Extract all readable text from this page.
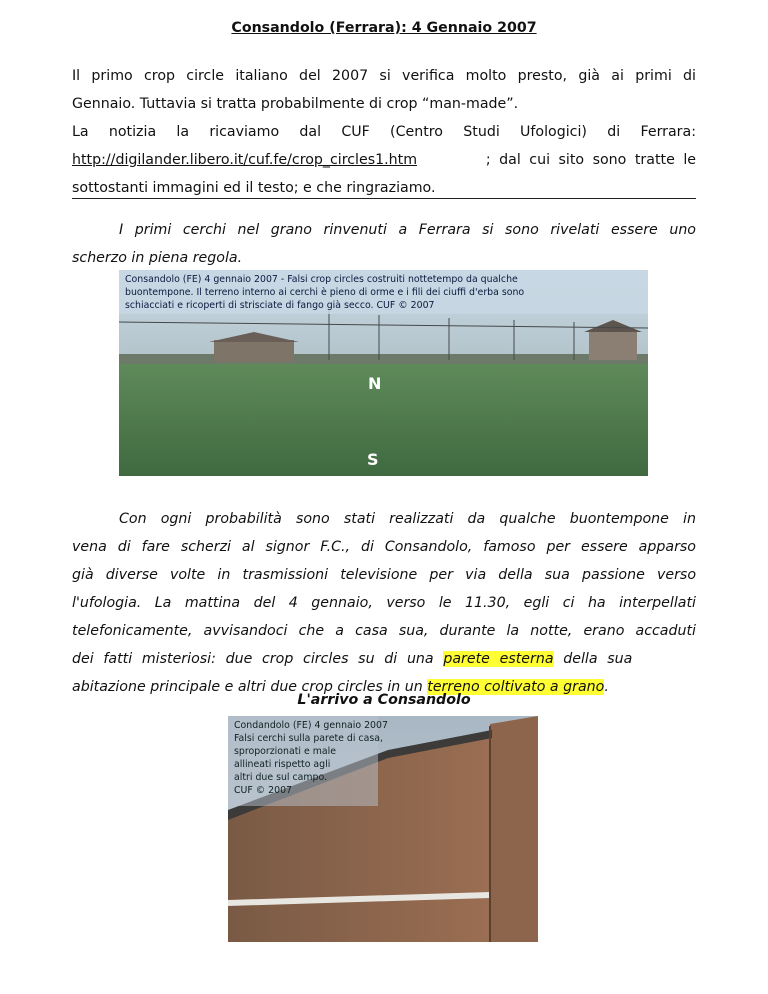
Consandolo (Ferrara): 4 Gennaio 2007
Il primo crop circle italiano del 2007 si verifica molto presto, già ai primi di
Gennaio. Tuttavia si tratta probabilmente di crop “man-made”.
La notizia la ricaviamo dal CUF (Centro Studi Ufologici) di Ferrara:
http://digilander.libero.it/cuf.fe/crop_circles1.htm	; dal cui sito sono tratte le
sottostanti immagini ed il testo; e che ringraziamo.
I primi cerchi nel grano rinvenuti a Ferrara si sono rivelati essere uno
scherzo in piena regola.
Consandolo (FE) 4 gennaio 2007 - Falsi crop circles costruiti nottetempo da qualche
buontempone. Il terreno interno ai cerchi è pieno di orme e i fili dei ciuffi d'erba sono
schiacciati e ricoperti di strisciate di fango già secco. CUF © 2007
N
S
Con ogni probabilità sono stati realizzati da qualche buontempone in
vena di fare scherzi al signor F.C., di Consandolo, famoso per essere apparso
già diverse volte in trasmissioni televisione per via della sua passione verso
l'ufologia. La mattina del 4 gennaio, verso le 11.30, egli ci ha interpellati
telefonicamente, avvisandoci che a casa sua, durante la notte, erano accaduti
dei fatti misteriosi: due crop circles su di una parete esterna della sua
abitazione principale e altri due crop circles in un terreno coltivato a grano.
L'arrivo a Consandolo
Condandolo (FE) 4 gennaio 2007
Falsi cerchi sulla parete di casa,
sproporzionati e male
allineati rispetto agli
altri due sul campo.
CUF © 2007
